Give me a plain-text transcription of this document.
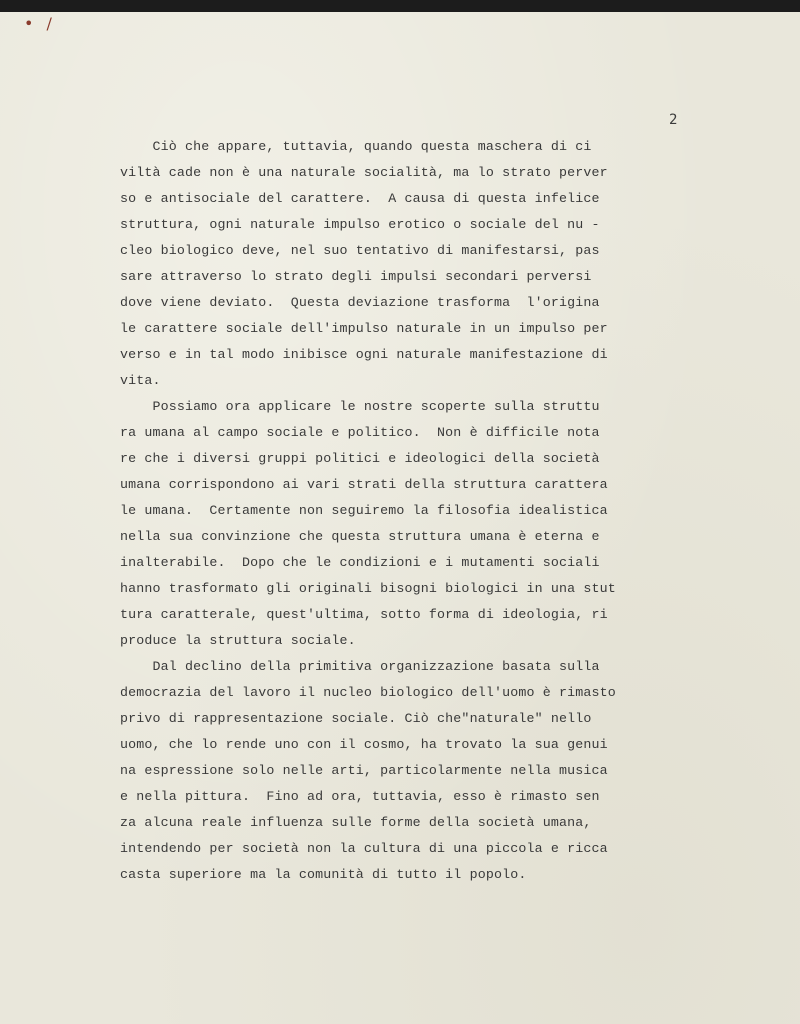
• /
2
Ciò che appare, tuttavia, quando questa maschera di ci
viltà cade non è una naturale socialità, ma lo strato perver
so e antisociale del carattere.  A causa di questa infelice
struttura, ogni naturale impulso erotico o sociale del nu -
cleo biologico deve, nel suo tentativo di manifestarsi, pas
sare attraverso lo strato degli impulsi secondari perversi
dove viene deviato.  Questa deviazione trasforma  l'origina
le carattere sociale dell'impulso naturale in un impulso per
verso e in tal modo inibisce ogni naturale manifestazione di
vita.
Possiamo ora applicare le nostre scoperte sulla struttu
ra umana al campo sociale e politico.  Non è difficile nota
re che i diversi gruppi politici e ideologici della società
umana corrispondono ai vari strati della struttura carattera
le umana.  Certamente non seguiremo la filosofia idealistica
nella sua convinzione che questa struttura umana è eterna e
inalterabile.  Dopo che le condizioni e i mutamenti sociali
hanno trasformato gli originali bisogni biologici in una stut
tura caratterale, quest'ultima, sotto forma di ideologia, ri
produce la struttura sociale.
Dal declino della primitiva organizzazione basata sulla
democrazia del lavoro il nucleo biologico dell'uomo è rimasto
privo di rappresentazione sociale. Ciò che"naturale" nello
uomo, che lo rende uno con il cosmo, ha trovato la sua genui
na espressione solo nelle arti, particolarmente nella musica
e nella pittura.  Fino ad ora, tuttavia, esso è rimasto sen
za alcuna reale influenza sulle forme della società umana,
intendendo per società non la cultura di una piccola e ricca
casta superiore ma la comunità di tutto il popolo.
